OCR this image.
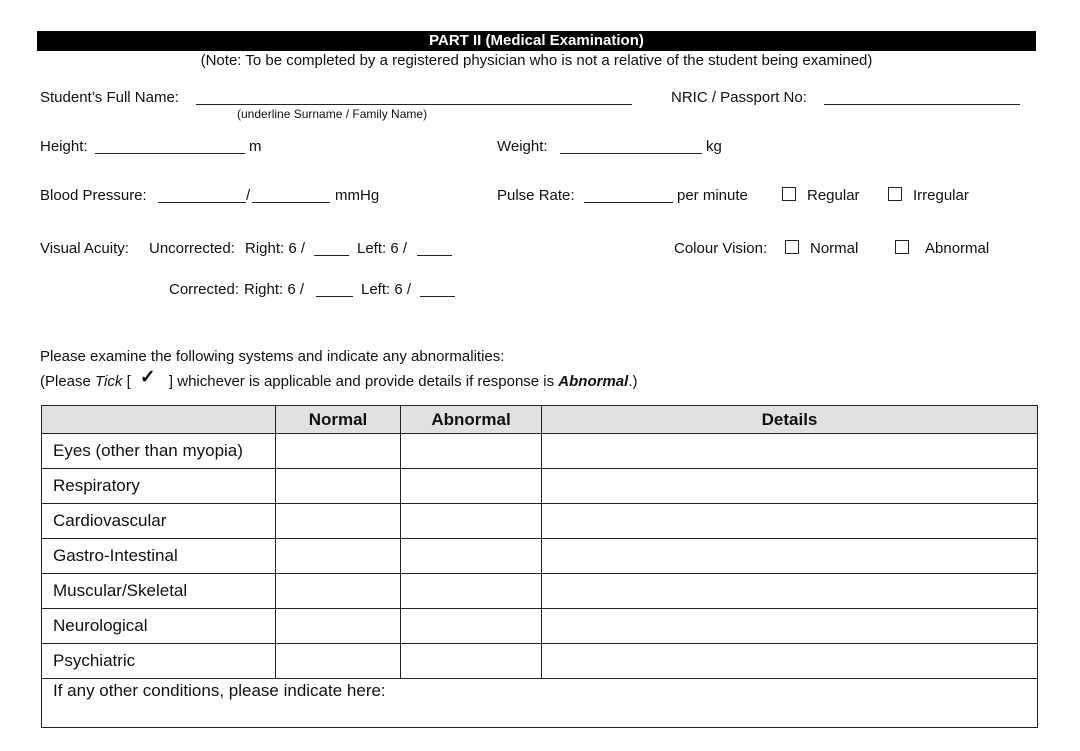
PART II (Medical Examination)
(Note: To be completed by a registered physician who is not a relative of the student being examined)
Student’s Full Name:
(underline Surname / Family Name)
NRIC / Passport No:
Height:	m	Weight:	kg
Blood Pressure:	/	mmHg	Pulse Rate:	per minute	Regular	Irregular
Visual Acuity: Uncorrected: Right: 6 /	Left: 6 /	Colour Vision:	Normal	Abnormal
Corrected: Right: 6 /	Left: 6 /
Please examine the following systems and indicate any abnormalities:
(Please Tick [ ✓ ] whichever is applicable and provide details if response is Abnormal.)
	Normal	Abnormal	Details
Eyes (other than myopia)			
Respiratory			
Cardiovascular			
Gastro-Intestinal			
Muscular/Skeletal			
Neurological			
Psychiatric			
If any other conditions, please indicate here:			
